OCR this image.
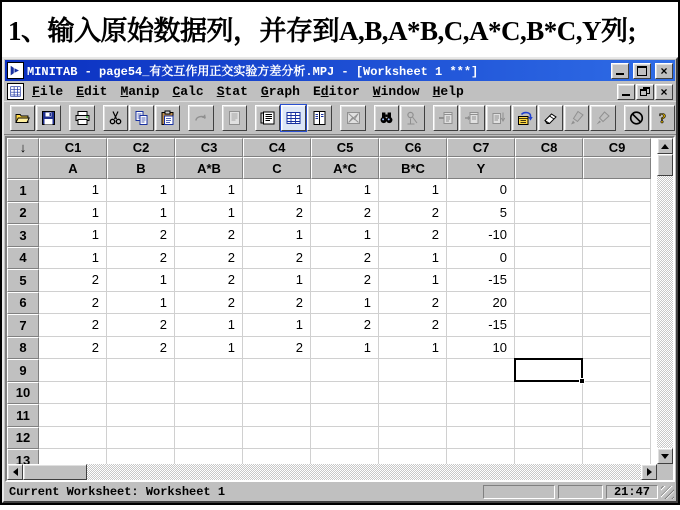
1、输入原始数据列，并存到A,B,A*B,C,A*C,B*C,Y列;
MINITAB - page54_有交互作用正交实验方差分析.MPJ - [Worksheet 1 ***]	×
File Edit Manip Calc Stat Graph Editor Window Help	×
?
↓	C1	C2	C3	C4	C5	C6	C7	C8	C9
A	B	A*B	C	A*C	B*C	Y
1	1	1	1	1	1	1	0
2	1	1	1	2	2	2	5
3	1	2	2	1	1	2	-10
4	1	2	2	2	2	1	0
5	2	1	2	1	2	1	-15
6	2	1	2	2	1	2	20
7	2	2	1	1	2	2	-15
8	2	2	1	2	1	1	10
9
10
11
12
13
Current Worksheet: Worksheet 1	21:47
